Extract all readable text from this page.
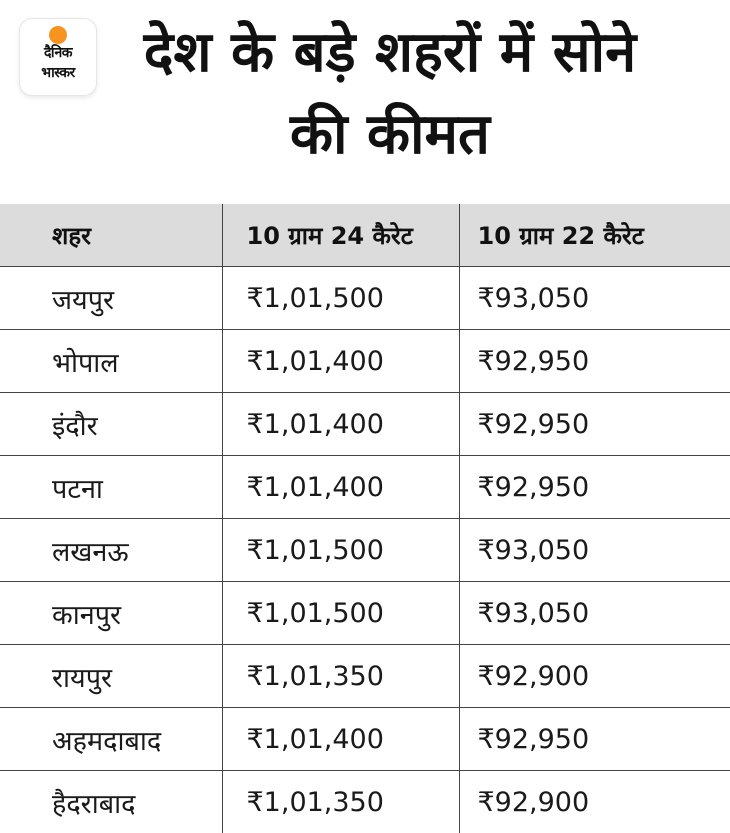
दैनिक
भास्कर	देश के बड़े शहरों में सोने की कीमत
शहर	10 ग्राम 24 कैरेट	10 ग्राम 22 कैरेट
जयपुर	₹1,01,500	₹93,050
भोपाल	₹1,01,400	₹92,950
इंदौर	₹1,01,400	₹92,950
पटना	₹1,01,400	₹92,950
लखनऊ	₹1,01,500	₹93,050
कानपुर	₹1,01,500	₹93,050
रायपुर	₹1,01,350	₹92,900
अहमदाबाद	₹1,01,400	₹92,950
हैदराबाद	₹1,01,350	₹92,900
